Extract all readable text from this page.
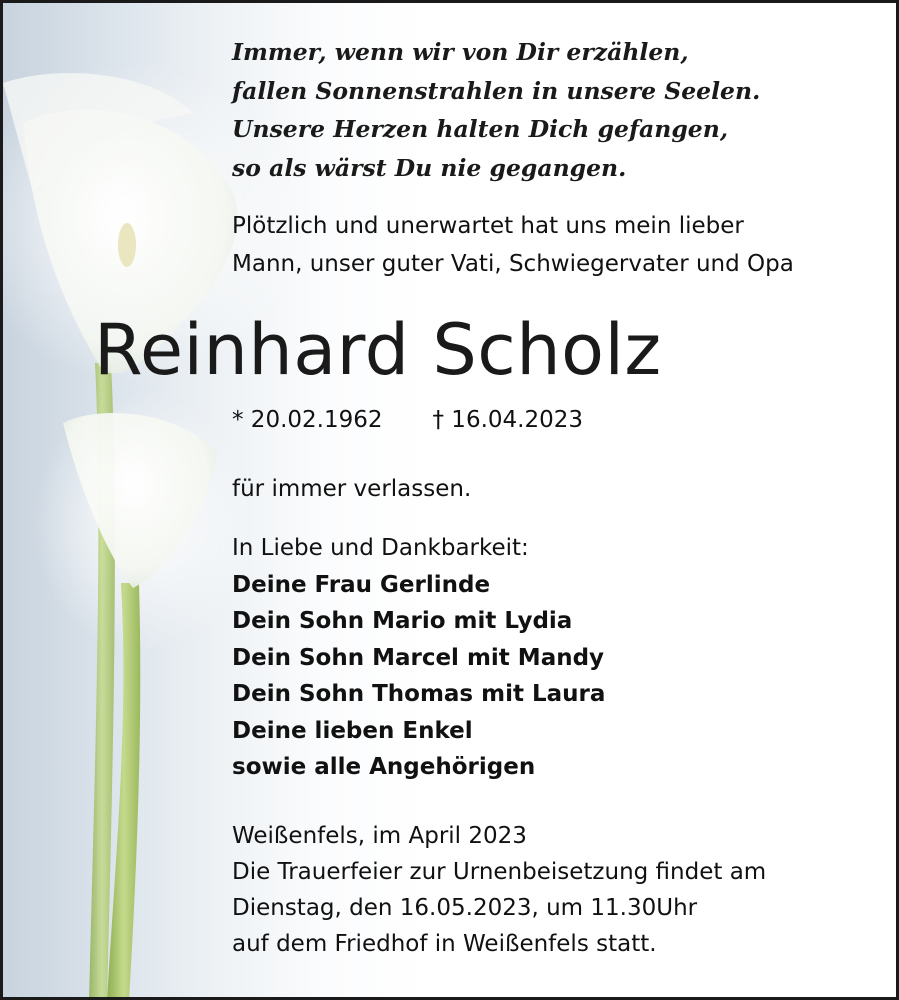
Immer, wenn wir von Dir erzählen,
fallen Sonnenstrahlen in unsere Seelen.
Unsere Herzen halten Dich gefangen,
so als wärst Du nie gegangen.
Plötzlich und unerwartet hat uns mein lieber
Mann, unser guter Vati, Schwiegervater und Opa
Reinhard Scholz
* 20.02.1962 † 16.04.2023
für immer verlassen.
In Liebe und Dankbarkeit:
Deine Frau Gerlinde
Dein Sohn Mario mit Lydia
Dein Sohn Marcel mit Mandy
Dein Sohn Thomas mit Laura
Deine lieben Enkel
sowie alle Angehörigen
Weißenfels, im April 2023
Die Trauerfeier zur Urnenbeisetzung findet am
Dienstag, den 16.05.2023, um 11.30Uhr
auf dem Friedhof in Weißenfels statt.
